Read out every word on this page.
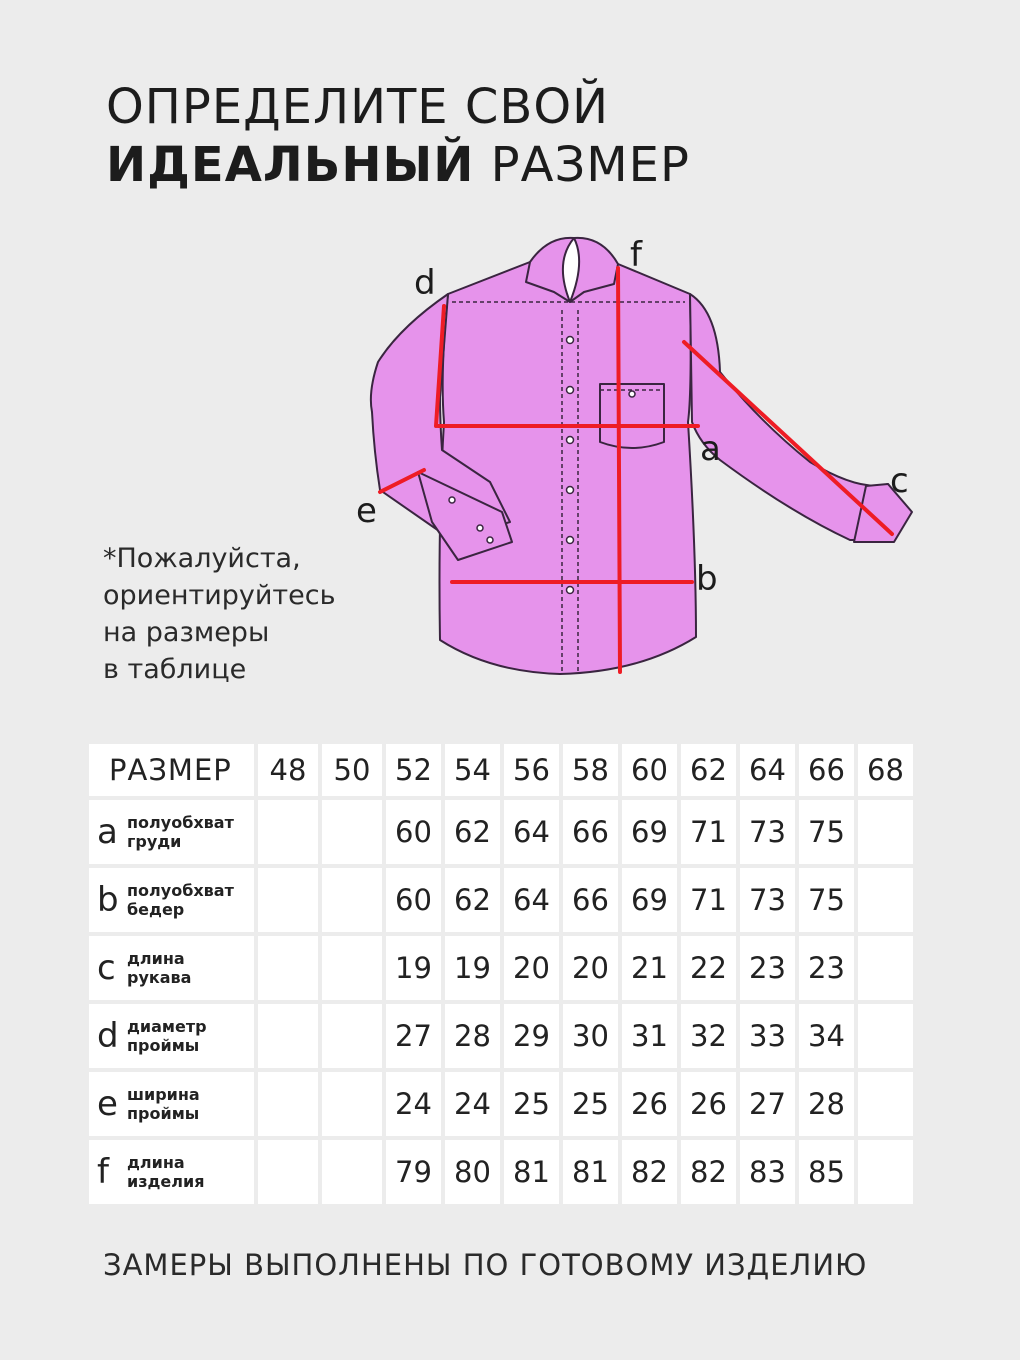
ОПРЕДЕЛИТЕ СВОЙ
ИДЕАЛЬНЫЙ РАЗМЕР
d
f
a
b
c
e
*Пожалуйста,
ориентируйтесь
на размеры
в таблице
РАЗМЕР	48	50	52	54	56	58	60	62	64	66	68

a полуобхват
груди			60	62	64	66	69	71	73	75	

b полуобхват
бедер			60	62	64	66	69	71	73	75	

c длина
рукава			19	19	20	20	21	22	23	23	

d диаметр
проймы			27	28	29	30	31	32	33	34	

e ширина
проймы			24	24	25	25	26	26	27	28	

f длина
изделия			79	80	81	81	82	82	83	85	
ЗАМЕРЫ ВЫПОЛНЕНЫ ПО ГОТОВОМУ ИЗДЕЛИЮ
